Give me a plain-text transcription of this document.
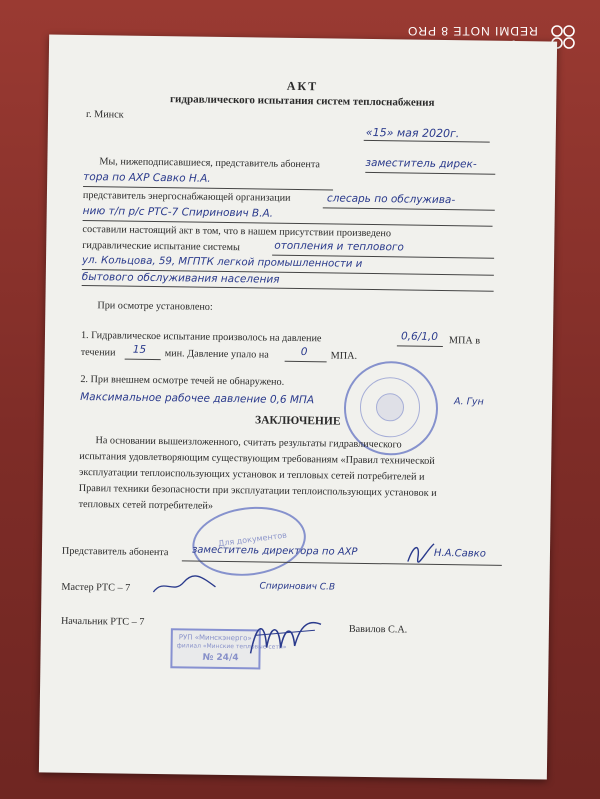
REDMI NOTE 8 PRO
АКТ
гидравлического испытания систем теплоснабжения
г. Минск
«15» мая 2020г.
Мы, нижеподписавшиеся, представитель абонента	заместитель дирек-
тора по АХР Савко Н.А.
представитель энергоснабжающей организации	слесарь по обслужива-
нию т/п р/с РТС-7 Спиринович В.А.
составили настоящий акт в том, что в нашем присутствии произведено
гидравлические испытание системы	отопления и теплового
ул. Кольцова, 59, МГПТК легкой промышленности и
бытового обслуживания населения
При осмотре установлено:
1. Гидравлическое испытание произволось на давление	0,6/1,0 МПА в
течении 15 мин. Давление упало на	0 МПА.
2. При внешнем осмотре течей не обнаружено.
Максимальное рабочее давление 0,6 МПА	А. Гун
ЗАКЛЮЧЕНИЕ
На основании вышеизложенного, считать результаты гидравлического
испытания удовлетворяющим существующим требованиям «Правил технической
эксплуатации теплоиспользующих установок и тепловых сетей потребителей и
Правил техники безопасности при эксплуатации теплоиспользующих установок и
тепловых сетей потребителей»
Для документов
Представитель абонента заместитель директора по АХР	Н.А.Савко
Мастер РТС – 7	Спиринович С.В
Начальник РТС – 7
РУП «Минскэнерго»
филиал «Минские тепловые сети»
№ 24/4
Вавилов С.А.
